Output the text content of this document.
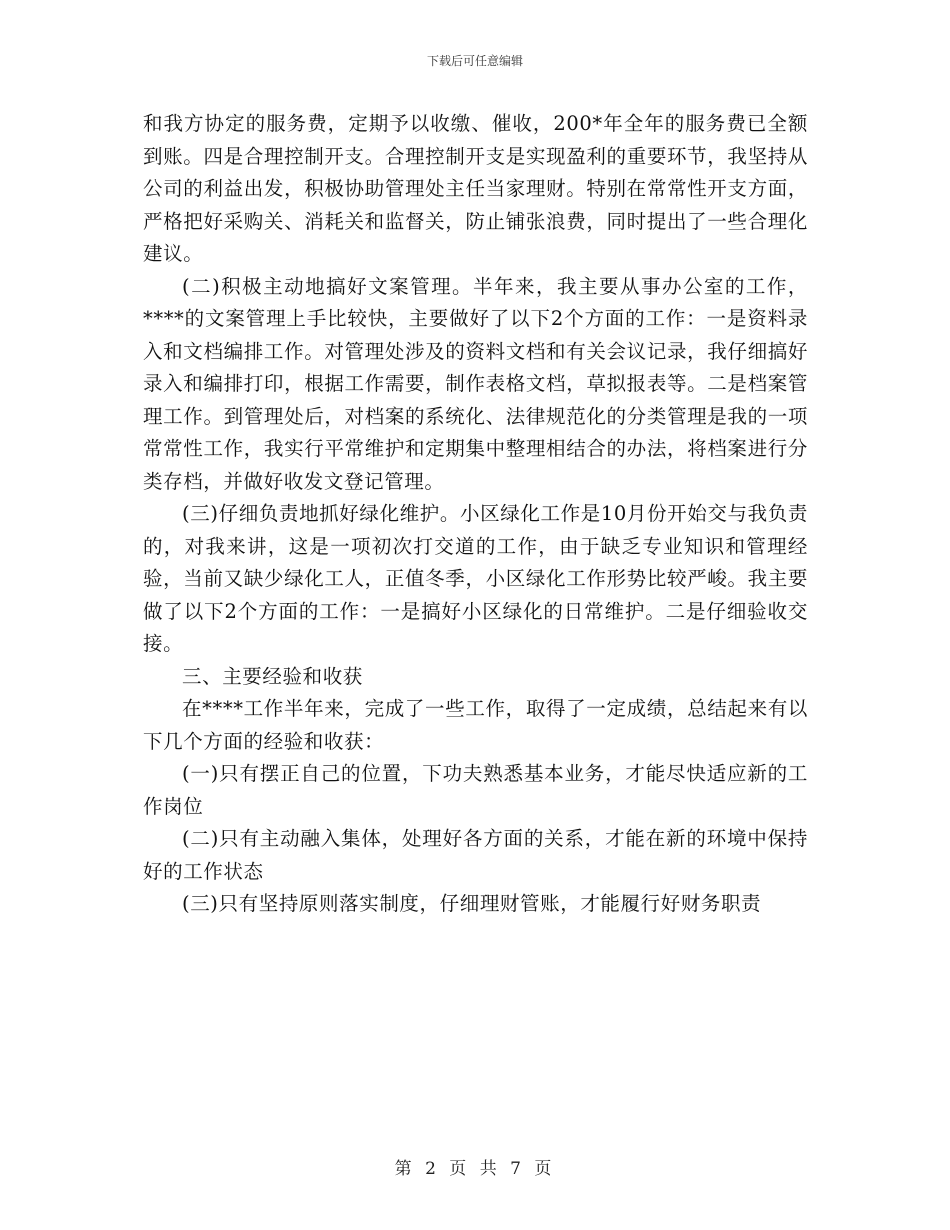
下载后可任意编辑

和我方协定的服务费，定期予以收缴、催收，200*年全年的服务费已全额到账。四是合理控制开支。合理控制开支是实现盈利的重要环节，我坚持从公司的利益出发，积极协助管理处主任当家理财。特别在常常性开支方面，严格把好采购关、消耗关和监督关，防止铺张浪费，同时提出了一些合理化建议。

(二)积极主动地搞好文案管理。半年来，我主要从事办公室的工作，****的文案管理上手比较快，主要做好了以下2个方面的工作：一是资料录入和文档编排工作。对管理处涉及的资料文档和有关会议记录，我仔细搞好录入和编排打印，根据工作需要，制作表格文档，草拟报表等。二是档案管理工作。到管理处后，对档案的系统化、法律规范化的分类管理是我的一项常常性工作，我实行平常维护和定期集中整理相结合的办法，将档案进行分类存档，并做好收发文登记管理。

(三)仔细负责地抓好绿化维护。小区绿化工作是10月份开始交与我负责的，对我来讲，这是一项初次打交道的工作，由于缺乏专业知识和管理经验，当前又缺少绿化工人，正值冬季，小区绿化工作形势比较严峻。我主要做了以下2个方面的工作：一是搞好小区绿化的日常维护。二是仔细验收交接。

三、主要经验和收获

在****工作半年来，完成了一些工作，取得了一定成绩，总结起来有以下几个方面的经验和收获：

(一)只有摆正自己的位置，下功夫熟悉基本业务，才能尽快适应新的工作岗位

(二)只有主动融入集体，处理好各方面的关系，才能在新的环境中保持好的工作状态

(三)只有坚持原则落实制度，仔细理财管账，才能履行好财务职责

第 2 页 共 7 页
